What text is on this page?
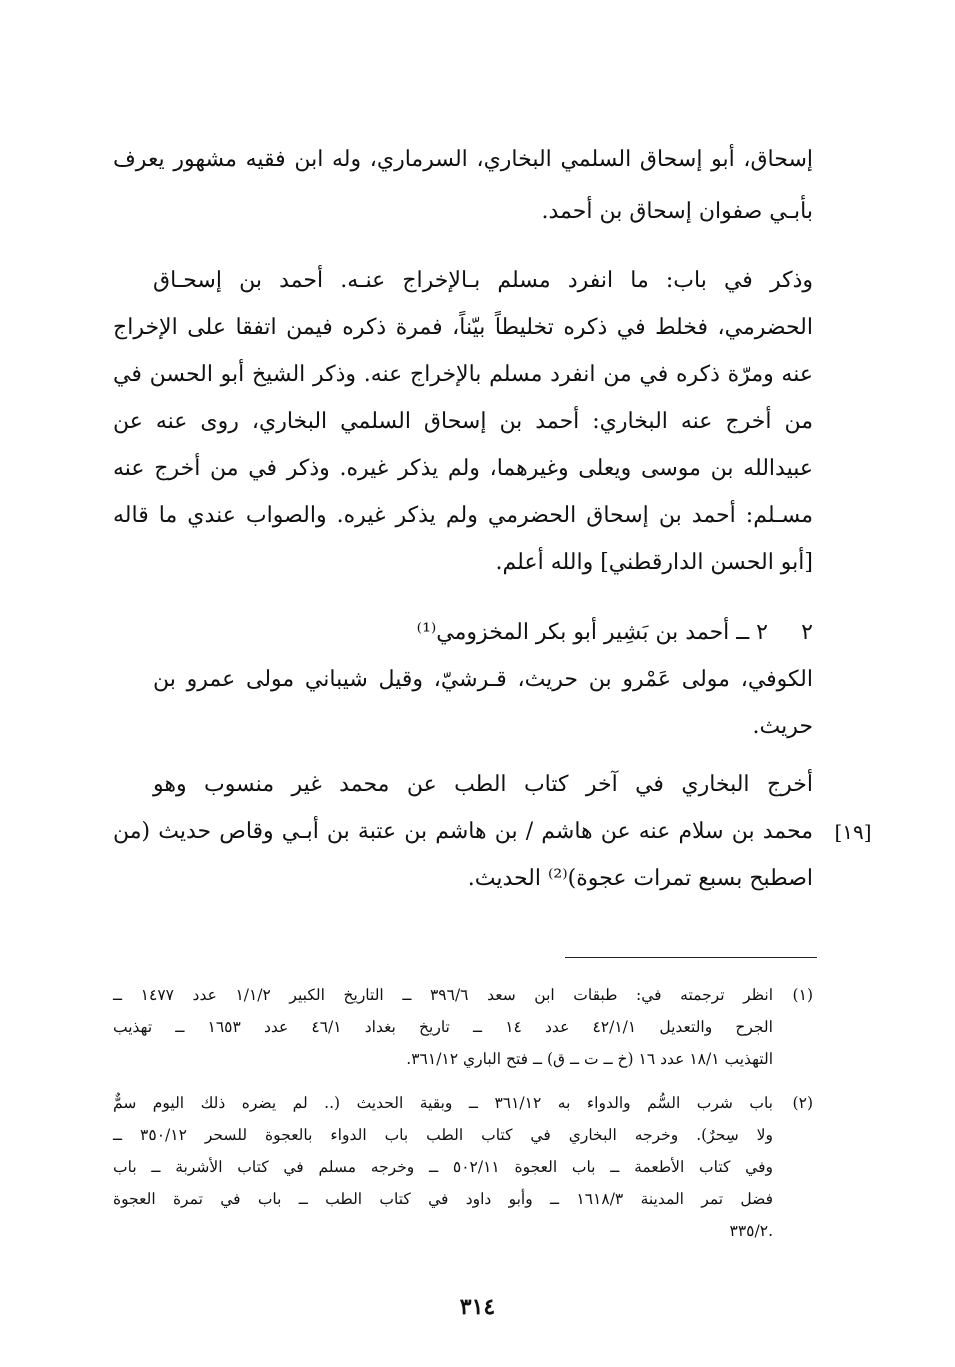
إسحاق، أبو إسحاق السلمي البخاري، السرماري، وله ابن فقيه مشهور يعرف
بأبـي صفوان إسحاق بن أحمد.
وذكر في باب: ما انفرد مسلم بـالإخراج عنـه. أحمد بن إسحـاق
الحضرمي، فخلط في ذكره تخليطاً بيّناً، فمرة ذكره فيمن اتفقا على الإخراج
عنه ومرّة ذكره في من انفرد مسلم بالإخراج عنه. وذكر الشيخ أبو الحسن في
من أخرج عنه البخاري: أحمد بن إسحاق السلمي البخاري، روى عنه عن
عبيدالله بن موسى ويعلى وغيرهما، ولم يذكر غيره. وذكر في من أخرج عنه
مسـلم: أحمد بن إسحاق الحضرمي ولم يذكر غيره. والصواب عندي ما قاله
[أبو الحسن الدارقطني] والله أعلم.
٢
٢ ــ أحمد بن بَشِير أبو بكر المخزومي⁽¹⁾
الكوفي، مولى عَمْرو بن حريث، قـرشيّ، وقيل شيباني مولى عمرو بن
حريث.
أخرج البخاري في آخر كتاب الطب عن محمد غير منسوب وهو
محمد بن سلام عنه عن هاشم / بن هاشم بن عتبة بن أبـي وقاص حديث (من
اصطبح بسبع تمرات عجوة)⁽²⁾ الحديث.
[١٩]
(١)
انظر ترجمته في: طبقات ابن سعد ٣٩٦/٦ ــ التاريخ الكبير ١/١/٢ عدد ١٤٧٧ ــ
الجرح والتعديل ٤٢/١/١ عدد ١٤ ــ تاريخ بغداد ٤٦/١ عدد ١٦٥٣ ــ تهذيب
التهذيب ١٨/١ عدد ١٦ (خ ــ ت ــ ق) ــ فتح الباري ٣٦١/١٢.
(٢)
باب شرب السُّم والدواء به ٣٦١/١٢ ــ وبقية الحديث (.. لم يضره ذلك اليوم سمٌّ
ولا سِحرٌ). وخرجه البخاري في كتاب الطب باب الدواء بالعجوة للسحر ٣٥٠/١٢ ــ
وفي كتاب الأطعمة ــ باب العجوة ٥٠٢/١١ ــ وخرجه مسلم في كتاب الأشربة ــ باب
فضل تمر المدينة ١٦١٨/٣ ــ وأبو داود في كتاب الطب ــ باب في تمرة العجوة
.٣٣٥/٢
٣١٤
